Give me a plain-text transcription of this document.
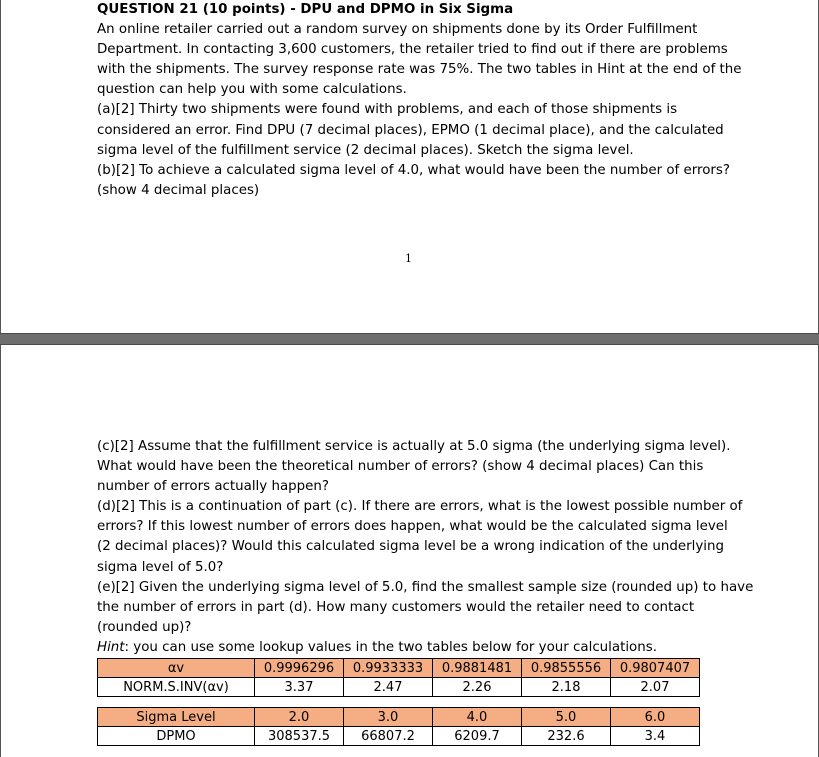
QUESTION 21 (10 points) - DPU and DPMO in Six Sigma
An online retailer carried out a random survey on shipments done by its Order Fulfillment
Department. In contacting 3,600 customers, the retailer tried to find out if there are problems
with the shipments. The survey response rate was 75%. The two tables in Hint at the end of the
question can help you with some calculations.
(a)[2] Thirty two shipments were found with problems, and each of those shipments is
considered an error. Find DPU (7 decimal places), EPMO (1 decimal place), and the calculated
sigma level of the fulfillment service (2 decimal places). Sketch the sigma level.
(b)[2] To achieve a calculated sigma level of 4.0, what would have been the number of errors?
(show 4 decimal places)
1
(c)[2] Assume that the fulfillment service is actually at 5.0 sigma (the underlying sigma level).
What would have been the theoretical number of errors? (show 4 decimal places) Can this
number of errors actually happen?
(d)[2] This is a continuation of part (c). If there are errors, what is the lowest possible number of
errors? If this lowest number of errors does happen, what would be the calculated sigma level
(2 decimal places)? Would this calculated sigma level be a wrong indication of the underlying
sigma level of 5.0?
(e)[2] Given the underlying sigma level of 5.0, find the smallest sample size (rounded up) to have
the number of errors in part (d). How many customers would the retailer need to contact
(rounded up)?
Hint: you can use some lookup values in the two tables below for your calculations.
αv	0.9996296	0.9933333	0.9881481	0.9855556	0.9807407
NORM.S.INV(αv)	3.37	2.47	2.26	2.18	2.07
Sigma Level	2.0	3.0	4.0	5.0	6.0
DPMO	308537.5	66807.2	6209.7	232.6	3.4
